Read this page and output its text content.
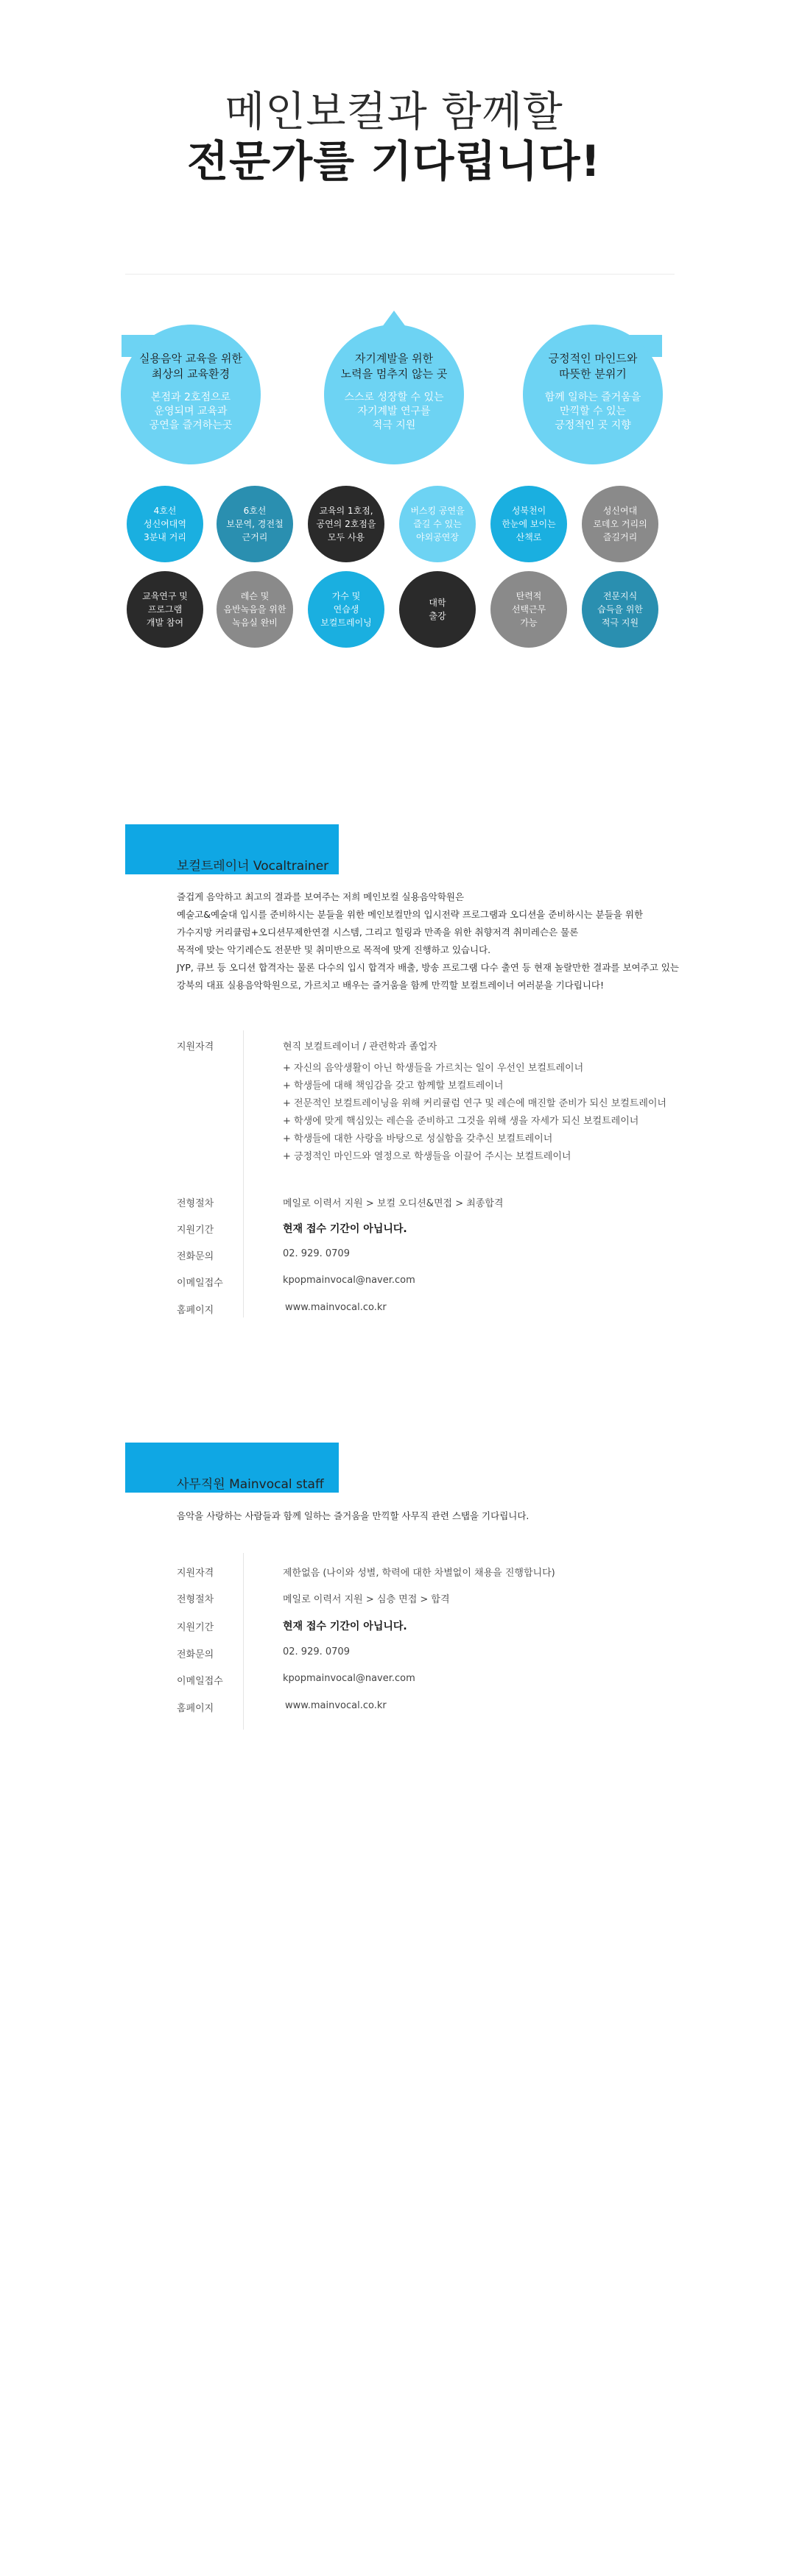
메인보컬과 함께할
전문가를 기다립니다!
실용음악 교육을 위한
최상의 교육환경
본점과 2호점으로
운영되며 교육과
공연을 즐겨하는곳
자기계발을 위한
노력을 멈추지 않는 곳
스스로 성장할 수 있는
자기계발 연구를
적극 지원
긍정적인 마인드와
따뜻한 분위기
함께 일하는 즐거움을
만끽할 수 있는
긍정적인 곳 지향
4호선
성신여대역
3분내 거리
6호선
보문역, 경전철
근거리
교육의 1호점,
공연의 2호점을
모두 사용
버스킹 공연을
즐길 수 있는
야외공연장
성북천이
한눈에 보이는
산책로
성신여대
로데오 거리의
즐길거리
교육연구 및
프로그램
개발 참여
레슨 및
음반녹음을 위한
녹음실 완비
가수 및
연습생
보컬트레이닝
대학
출강
탄력적
선택근무
가능
전문지식
습득을 위한
적극 지원
보컬트레이너 Vocaltrainer
즐겁게 음악하고 최고의 결과를 보여주는 저희 메인보컬 실용음악학원은
예술고&예술대 입시를 준비하시는 분들을 위한 메인보컬만의 입시전략 프로그램과 오디션을 준비하시는 분들을 위한
가수지망 커리큘럼+오디션무제한연결 시스템, 그리고 힐링과 만족을 위한 취향저격 취미레슨은 물론
목적에 맞는 악기레슨도 전문반 및 취미반으로 목적에 맞게 진행하고 있습니다.
JYP, 큐브 등 오디션 합격자는 물론 다수의 입시 합격자 배출, 방송 프로그램 다수 출연 등 현재 놀랄만한 결과를 보여주고 있는
강북의 대표 실용음악학원으로, 가르치고 배우는 즐거움을 함께 만끽할 보컬트레이너 여러분을 기다립니다!
지원자격	현직 보컬트레이너 / 관련학과 졸업자
+ 자신의 음악생활이 아닌 학생들을 가르치는 일이 우선인 보컬트레이너
+ 학생들에 대해 책임감을 갖고 함께할 보컬트레이너
+ 전문적인 보컬트레이닝을 위해 커리큘럼 연구 및 레슨에 매진할 준비가 되신 보컬트레이너
+ 학생에 맞게 핵심있는 레슨을 준비하고 그것을 위해 생을 자세가 되신 보컬트레이너
+ 학생들에 대한 사랑을 바탕으로 성실함을 갖추신 보컬트레이너
+ 긍정적인 마인드와 열정으로 학생들을 이끌어 주시는 보컬트레이너
전형절차	메일로 이력서 지원 > 보컬 오디션&면접 > 최종합격
지원기간	현재 접수 기간이 아닙니다.
전화문의	02. 929. 0709
이메일접수	kpopmainvocal@naver.com
홈페이지	www.mainvocal.co.kr
사무직원 Mainvocal staff
음악을 사랑하는 사람들과 함께 일하는 즐거움을 만끽할 사무직 관련 스탭을 기다립니다.
지원자격	제한없음 (나이와 성별, 학력에 대한 차별없이 채용을 진행합니다)
전형절차	메일로 이력서 지원 > 심층 면접 > 합격
지원기간	현재 접수 기간이 아닙니다.
전화문의	02. 929. 0709
이메일접수	kpopmainvocal@naver.com
홈페이지	www.mainvocal.co.kr
